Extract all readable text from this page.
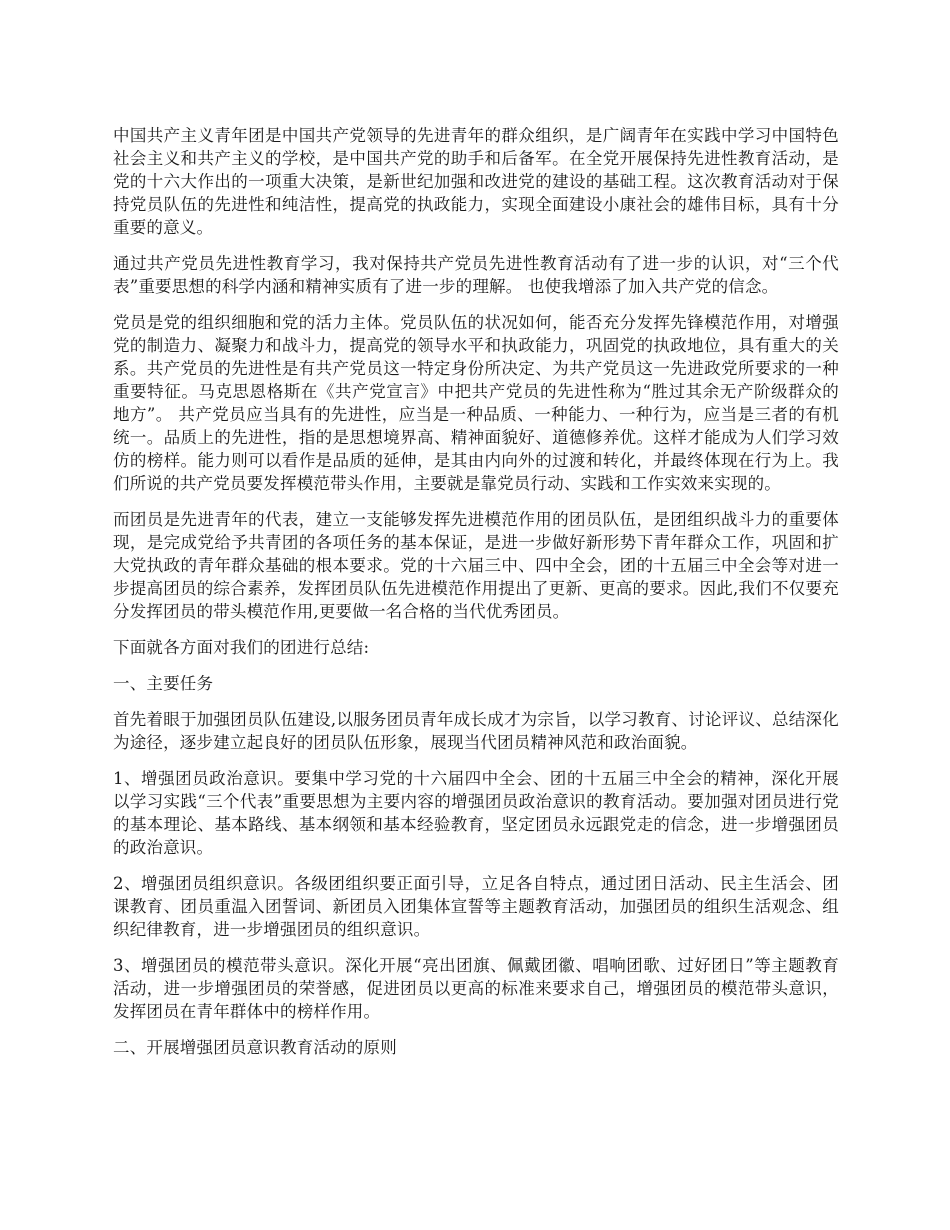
中国共产主义青年团是中国共产党领导的先进青年的群众组织，是广阔青年在实践中学习中国特色社会主义和共产主义的学校，是中国共产党的助手和后备军。在全党开展保持先进性教育活动，是党的十六大作出的一项重大决策，是新世纪加强和改进党的建设的基础工程。这次教育活动对于保持党员队伍的先进性和纯洁性，提高党的执政能力，实现全面建设小康社会的雄伟目标，具有十分重要的意义。

通过共产党员先进性教育学习，我对保持共产党员先进性教育活动有了进一步的认识，对“三个代表”重要思想的科学内涵和精神实质有了进一步的理解。 也使我增添了加入共产党的信念。

党员是党的组织细胞和党的活力主体。党员队伍的状况如何，能否充分发挥先锋模范作用，对增强党的制造力、凝聚力和战斗力，提高党的领导水平和执政能力，巩固党的执政地位，具有重大的关系。共产党员的先进性是有共产党员这一特定身份所决定、为共产党员这一先进政党所要求的一种重要特征。马克思恩格斯在《共产党宣言》中把共产党员的先进性称为“胜过其余无产阶级群众的地方”。 共产党员应当具有的先进性，应当是一种品质、一种能力、一种行为，应当是三者的有机统一。品质上的先进性，指的是思想境界高、精神面貌好、道德修养优。这样才能成为人们学习效仿的榜样。能力则可以看作是品质的延伸，是其由内向外的过渡和转化，并最终体现在行为上。我们所说的共产党员要发挥模范带头作用，主要就是靠党员行动、实践和工作实效来实现的。

而团员是先进青年的代表，建立一支能够发挥先进模范作用的团员队伍，是团组织战斗力的重要体现，是完成党给予共青团的各项任务的基本保证，是进一步做好新形势下青年群众工作，巩固和扩大党执政的青年群众基础的根本要求。党的十六届三中、四中全会，团的十五届三中全会等对进一步提高团员的综合素养，发挥团员队伍先进模范作用提出了更新、更高的要求。因此,我们不仅要充分发挥团员的带头模范作用,更要做一名合格的当代优秀团员。

下面就各方面对我们的团进行总结:

一、主要任务

首先着眼于加强团员队伍建设,以服务团员青年成长成才为宗旨，以学习教育、讨论评议、总结深化为途径，逐步建立起良好的团员队伍形象，展现当代团员精神风范和政治面貌。

1、增强团员政治意识。要集中学习党的十六届四中全会、团的十五届三中全会的精神，深化开展以学习实践“三个代表”重要思想为主要内容的增强团员政治意识的教育活动。要加强对团员进行党的基本理论、基本路线、基本纲领和基本经验教育，坚定团员永远跟党走的信念，进一步增强团员的政治意识。

2、增强团员组织意识。各级团组织要正面引导，立足各自特点，通过团日活动、民主生活会、团课教育、团员重温入团誓词、新团员入团集体宣誓等主题教育活动，加强团员的组织生活观念、组织纪律教育，进一步增强团员的组织意识。

3、增强团员的模范带头意识。深化开展“亮出团旗、佩戴团徽、唱响团歌、过好团日”等主题教育活动，进一步增强团员的荣誉感，促进团员以更高的标准来要求自己，增强团员的模范带头意识，发挥团员在青年群体中的榜样作用。

二、开展增强团员意识教育活动的原则
